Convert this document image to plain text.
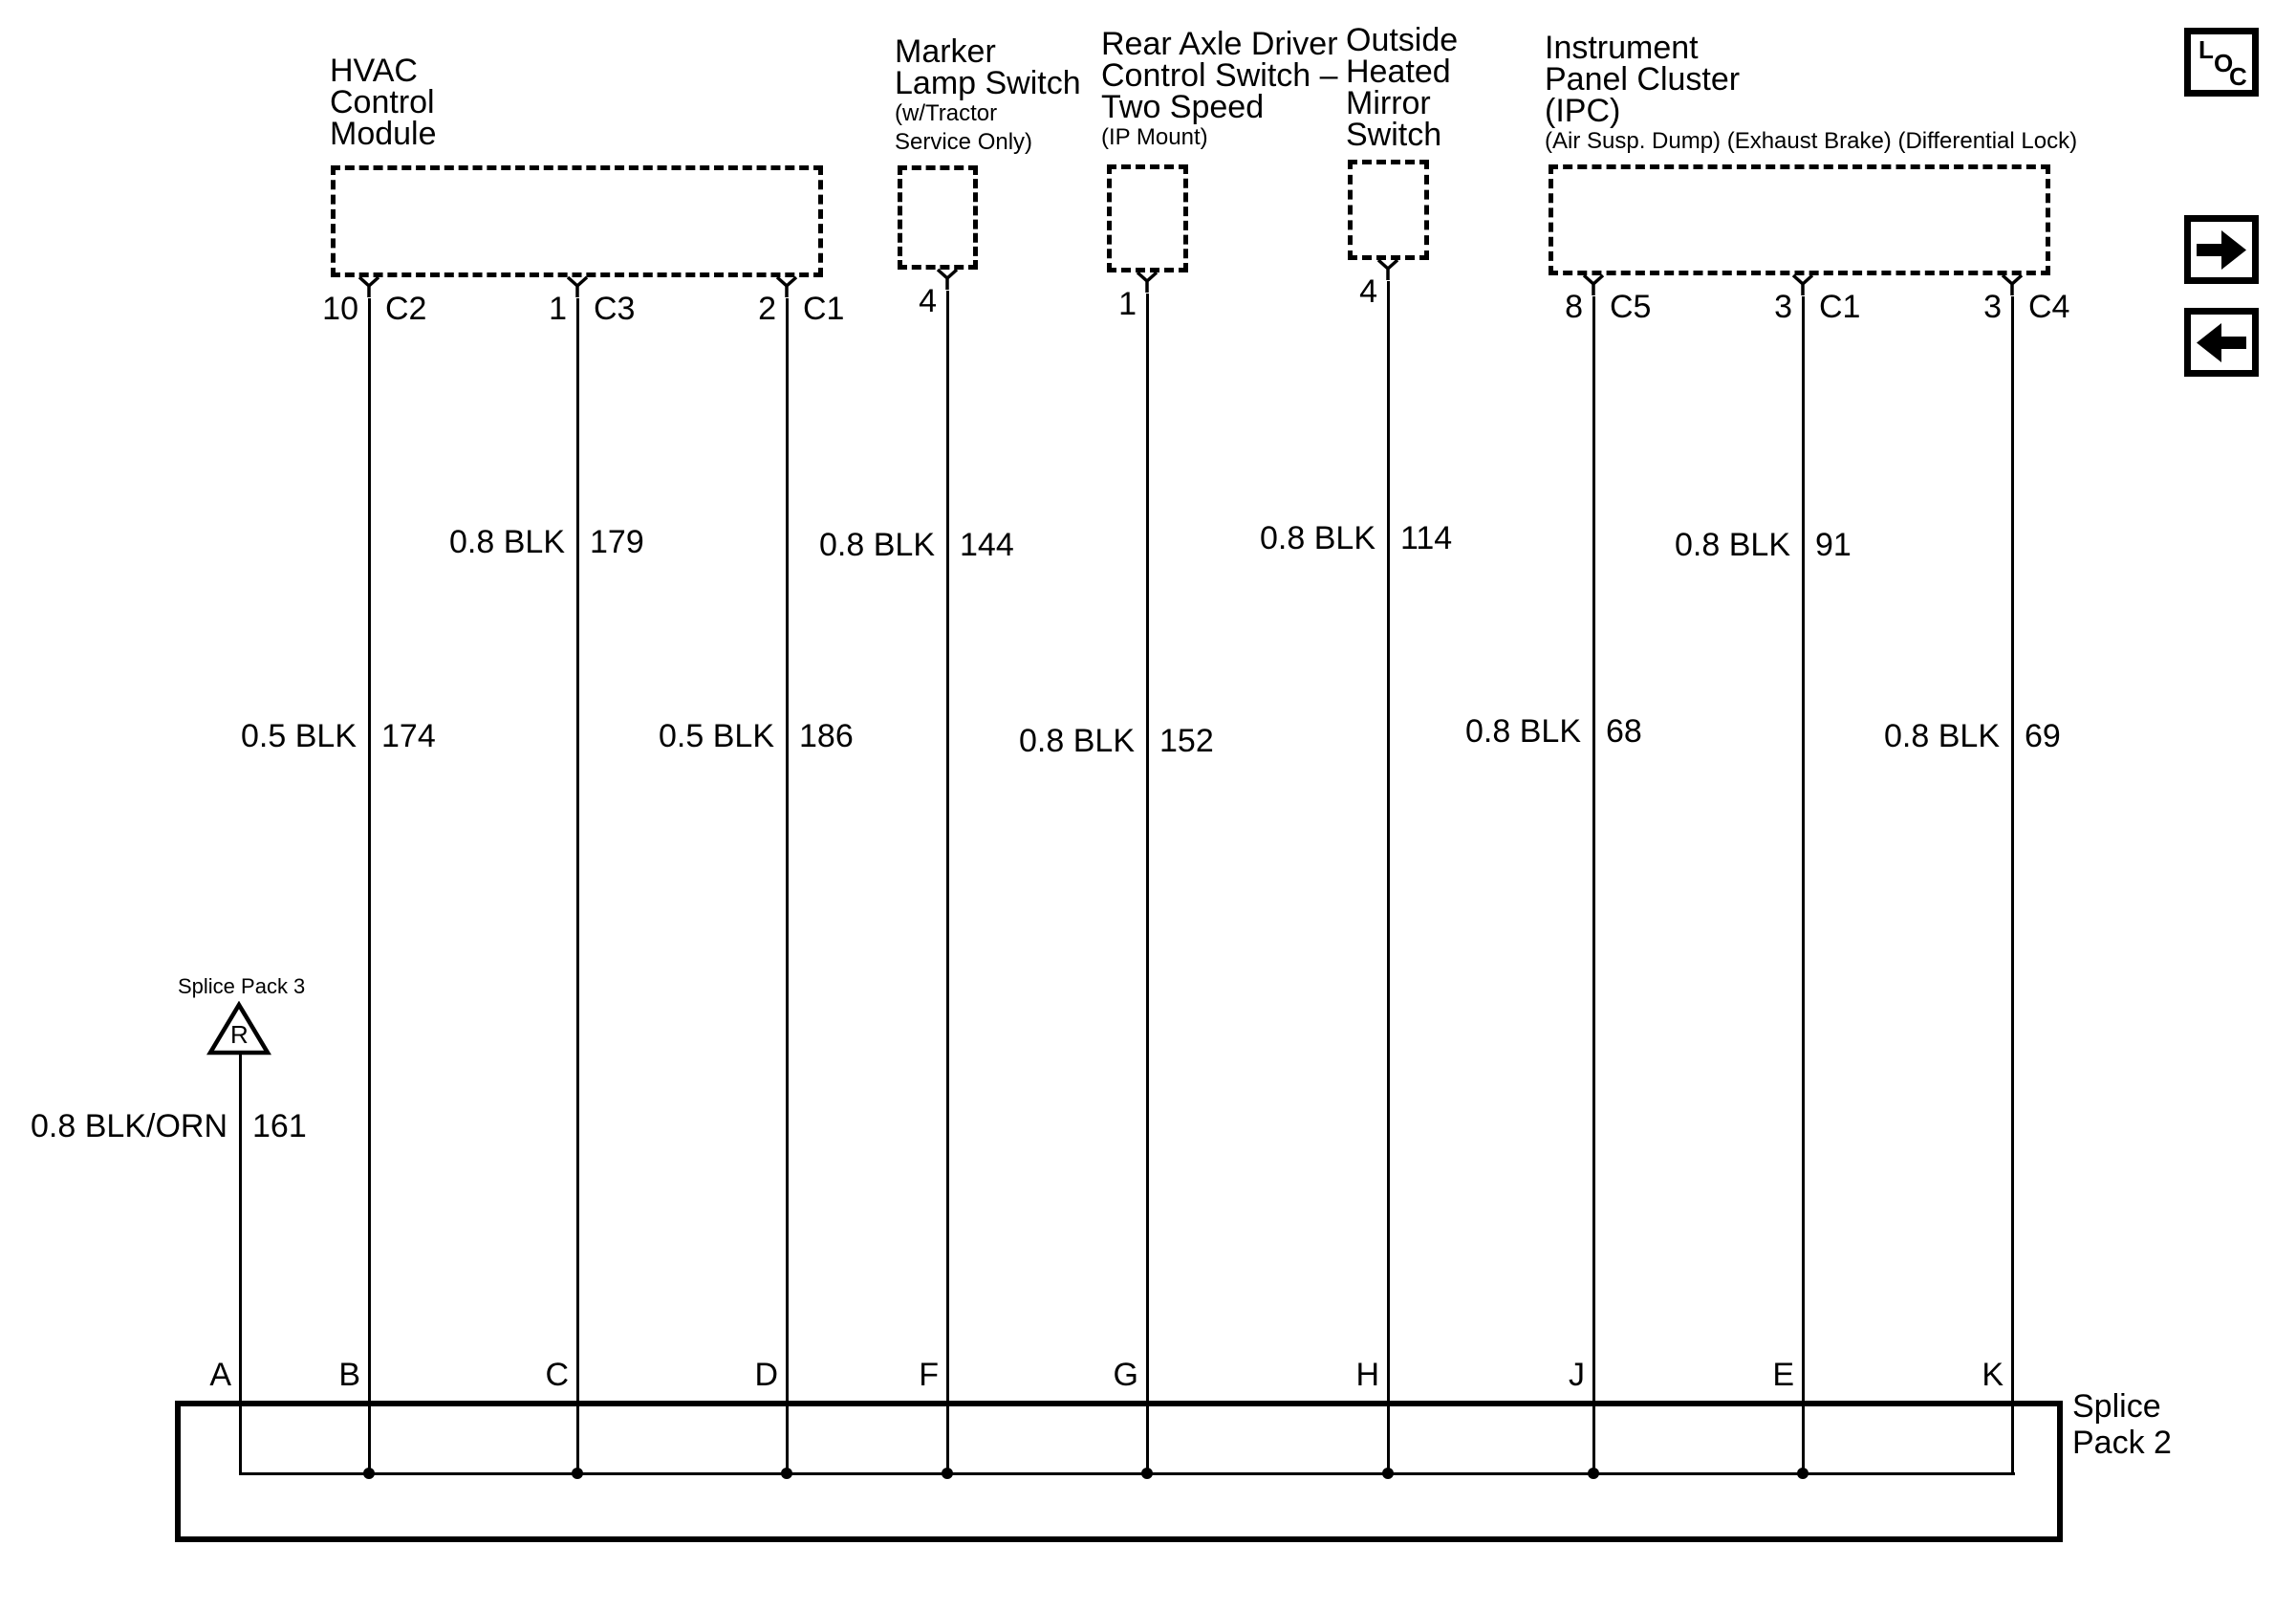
HVAC
Control
Module
10 C2	1 C3	2 C1
Marker
Lamp Switch
(w/Tractor
Service Only)
4
Rear Axle Driver
Control Switch –
Two Speed
(IP Mount)
1
Outside
Heated
Mirror
Switch
4
Instrument
Panel Cluster
(IPC)
(Air Susp. Dump) (Exhaust Brake) (Differential Lock)
8 C5	3 C1	3 C4
0.8 BLK/ORN 161
A
0.5 BLK 174
B
0.8 BLK 179
C
0.5 BLK 186
D
0.8 BLK 144
F
0.8 BLK 152
G
0.8 BLK 114
H
0.8 BLK 68
J
0.8 BLK 91
E
0.8 BLK 69
K
Splice Pack 3
R
Splice
Pack 2
L O
C
